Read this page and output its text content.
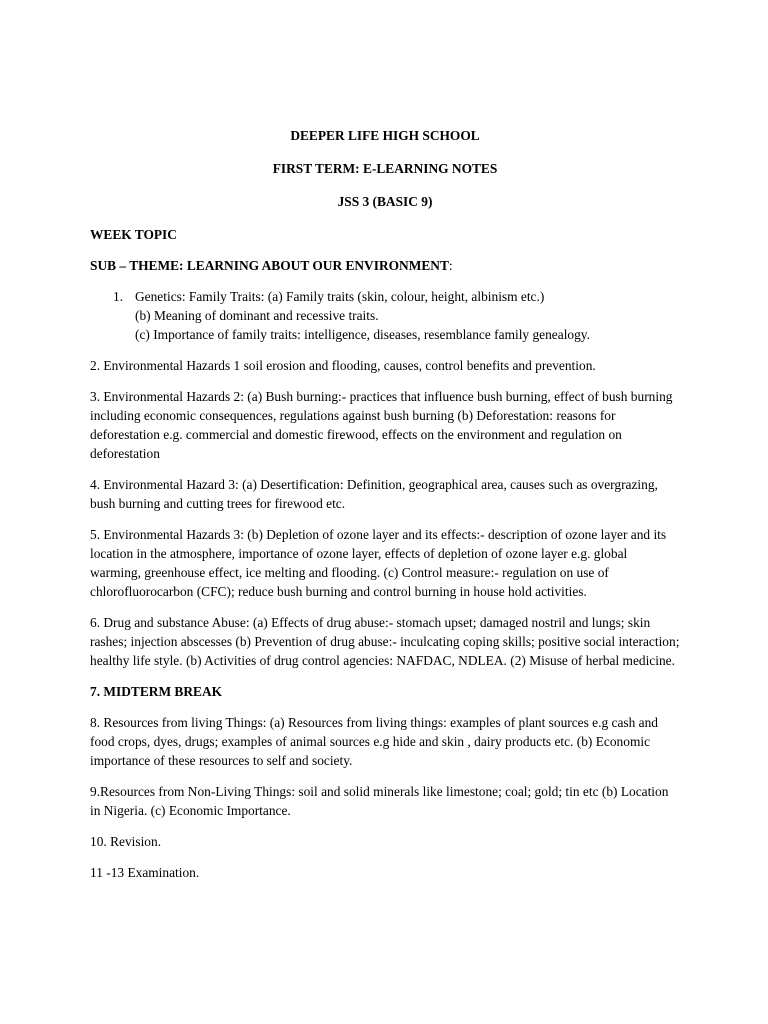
DEEPER LIFE HIGH SCHOOL

FIRST TERM: E-LEARNING NOTES

JSS 3 (BASIC 9)

WEEK TOPIC

SUB – THEME: LEARNING ABOUT OUR ENVIRONMENT:

1. Genetics: Family Traits: (a) Family traits (skin, colour, height, albinism etc.)
(b) Meaning of dominant and recessive traits.
(c) Importance of family traits: intelligence, diseases, resemblance family genealogy.

2. Environmental Hazards 1 soil erosion and flooding, causes, control benefits and prevention.

3. Environmental Hazards 2: (a) Bush burning:- practices that influence bush burning, effect of bush burning including economic consequences, regulations against bush burning (b) Deforestation: reasons for deforestation e.g. commercial and domestic firewood, effects on the environment and regulation on deforestation

4. Environmental Hazard 3: (a) Desertification: Definition, geographical area, causes such as overgrazing, bush burning and cutting trees for firewood etc.

5. Environmental Hazards 3: (b) Depletion of ozone layer and its effects:- description of ozone layer and its location in the atmosphere, importance of ozone layer, effects of depletion of ozone layer e.g. global warming, greenhouse effect, ice melting and flooding. (c) Control measure:- regulation on use of chlorofluorocarbon (CFC); reduce bush burning and control burning in house hold activities.

6. Drug and substance Abuse: (a) Effects of drug abuse:- stomach upset; damaged nostril and lungs; skin rashes; injection abscesses (b) Prevention of drug abuse:- inculcating coping skills; positive social interaction; healthy life style. (b) Activities of drug control agencies: NAFDAC, NDLEA. (2) Misuse of herbal medicine.

7. MIDTERM BREAK

8. Resources from living Things: (a) Resources from living things: examples of plant sources e.g cash and food crops, dyes, drugs; examples of animal sources e.g hide and skin , dairy products etc. (b) Economic importance of these resources to self and society.

9.Resources from Non-Living Things: soil and solid minerals like limestone; coal; gold; tin etc (b) Location in Nigeria. (c) Economic Importance.

10. Revision.

11 -13 Examination.
